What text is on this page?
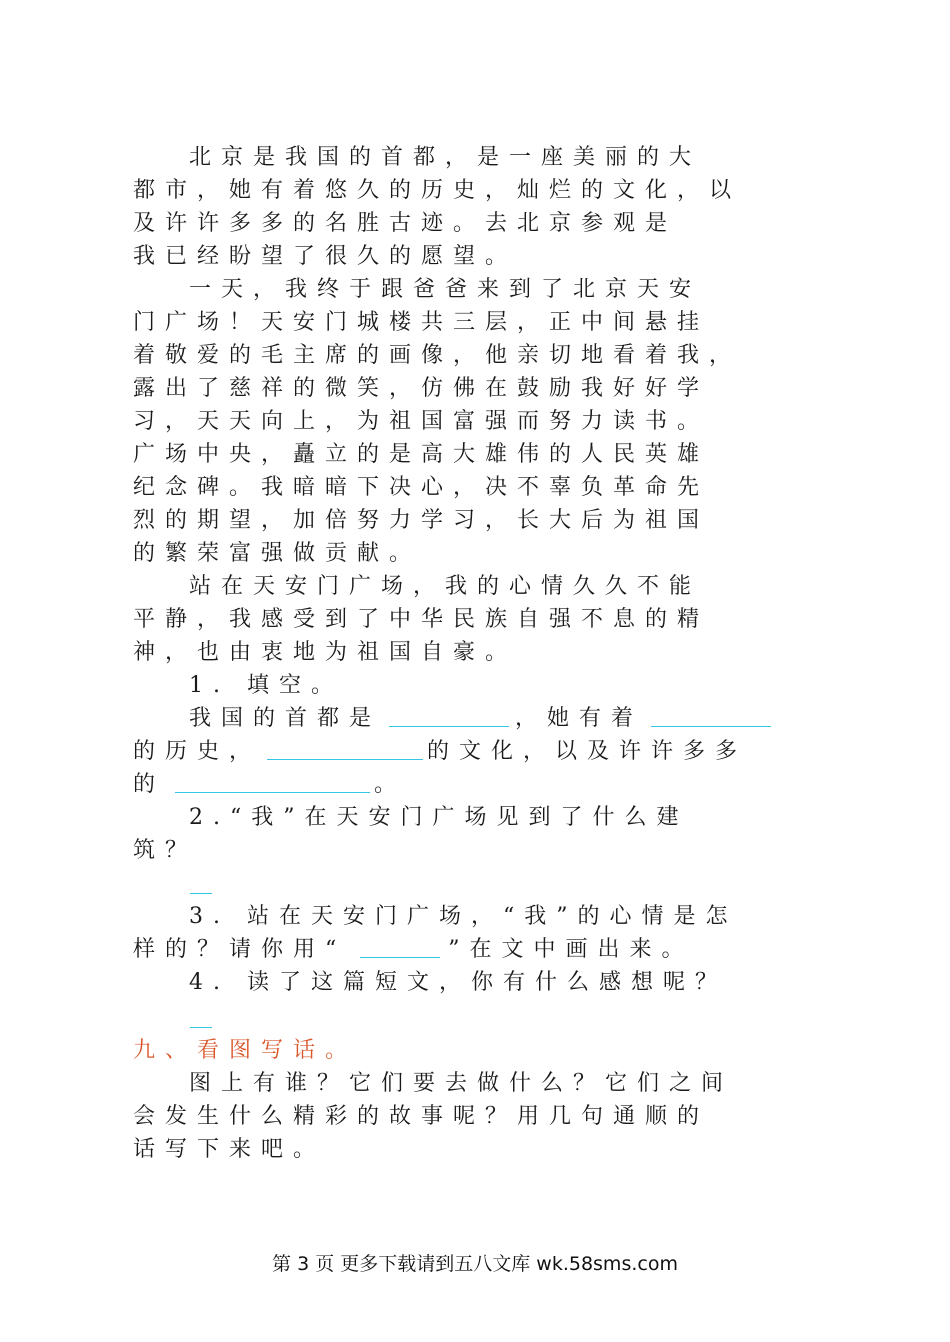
北京是我国的首都，是一座美丽的大
都市，她有着悠久的历史，灿烂的文化，以
及许许多多的名胜古迹。去北京参观是
我已经盼望了很久的愿望。
一天，我终于跟爸爸来到了北京天安
门广场！天安门城楼共三层，正中间悬挂
着敬爱的毛主席的画像，他亲切地看着我，
露出了慈祥的微笑，仿佛在鼓励我好好学
习，天天向上，为祖国富强而努力读书。
广场中央，矗立的是高大雄伟的人民英雄
纪念碑。我暗暗下决心，决不辜负革命先
烈的期望，加倍努力学习，长大后为祖国
的繁荣富强做贡献。
站在天安门广场，我的心情久久不能
平静，我感受到了中华民族自强不息的精
神，也由衷地为祖国自豪。
1. 填空。
我国的首都是	，她有着
的历史，	的文化，以及许许多多
的	。
2.“我”在天安门广场见到了什么建
筑？
3. 站在天安门广场，“我”的心情是怎
样的？请你用“	”在文中画出来。
4. 读了这篇短文，你有什么感想呢？
九、看图写话。
图上有谁？它们要去做什么？它们之间
会发生什么精彩的故事呢？用几句通顺的
话写下来吧。
第 3 页 更多下载请到五八文库 wk.58sms.com
